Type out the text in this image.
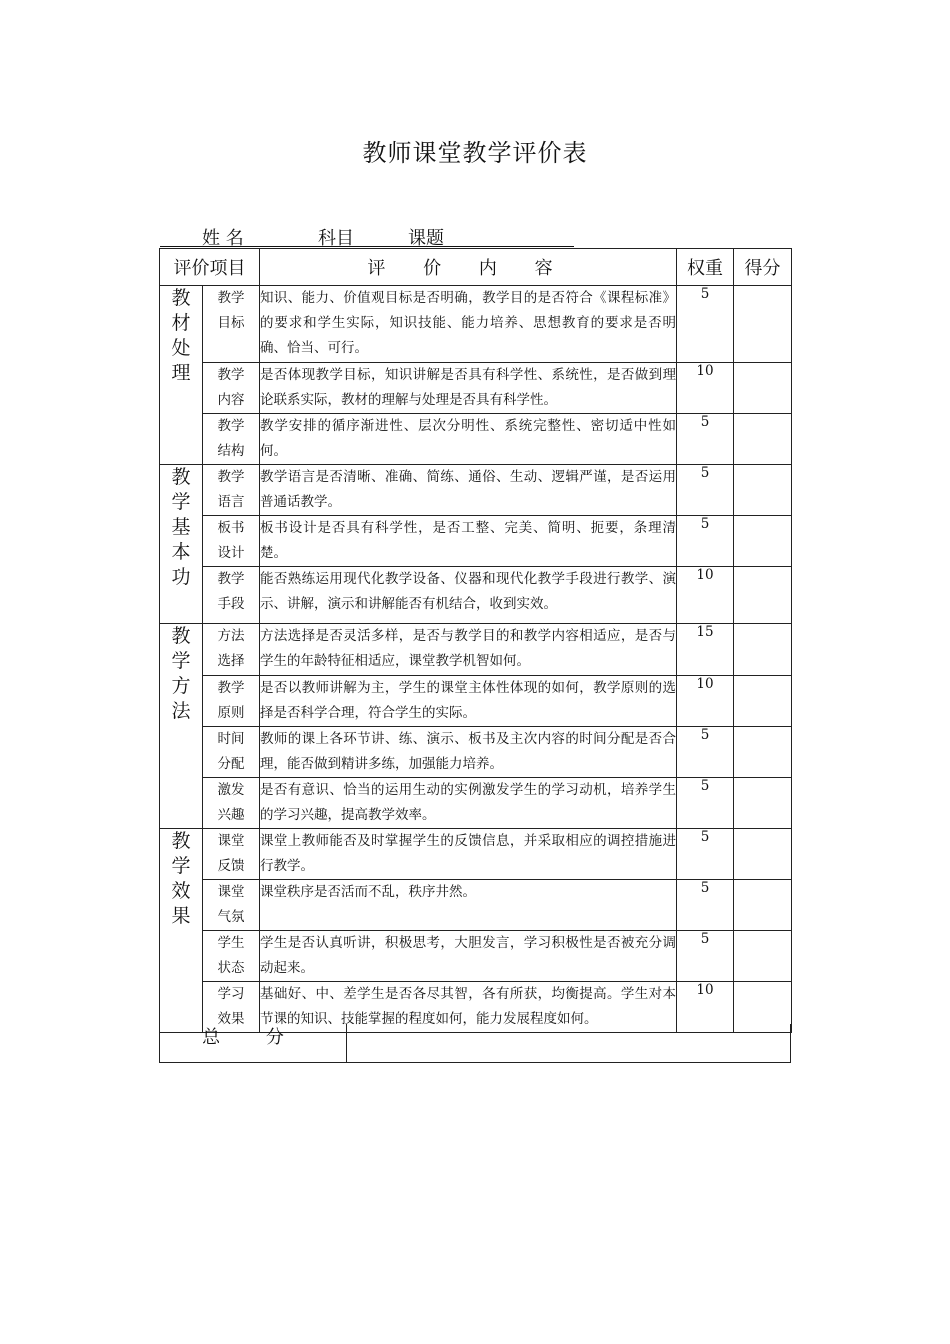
教师课堂教学评价表
姓 名	科目	课题
评价项目		评 价 内 容	权重	得分
教材处理	教学目标	知识、能力、价值观目标是否明确，教学目的是否符合《课程标准》的要求和学生实际，知识技能、能力培养、思想教育的要求是否明确、恰当、可行。	5	
	教学内容	是否体现教学目标，知识讲解是否具有科学性、系统性，是否做到理论联系实际，教材的理解与处理是否具有科学性。	10	
	教学结构	教学安排的循序渐进性、层次分明性、系统完整性、密切适中性如何。	5	
教学基本功	教学语言	教学语言是否清晰、准确、简练、通俗、生动、逻辑严谨，是否运用普通话教学。	5	
	板书设计	板书设计是否具有科学性，是否工整、完美、简明、扼要，条理清楚。	5	
	教学手段	能否熟练运用现代化教学设备、仪器和现代化教学手段进行教学、演示、讲解，演示和讲解能否有机结合，收到实效。	10	
教学方法	方法选择	方法选择是否灵活多样，是否与教学目的和教学内容相适应，是否与学生的年龄特征相适应，课堂教学机智如何。	15	
	教学原则	是否以教师讲解为主，学生的课堂主体性体现的如何，教学原则的选择是否科学合理，符合学生的实际。	10	
	时间分配	教师的课上各环节讲、练、演示、板书及主次内容的时间分配是否合理，能否做到精讲多练，加强能力培养。	5	
	激发兴趣	是否有意识、恰当的运用生动的实例激发学生的学习动机，培养学生的学习兴趣，提高教学效率。	5	
教学效果	课堂反馈	课堂上教师能否及时掌握学生的反馈信息，并采取相应的调控措施进行教学。	5	
	课堂气氛	课堂秩序是否活而不乱，秩序井然。	5	
	学生状态	学生是否认真听讲，积极思考，大胆发言，学习积极性是否被充分调动起来。	5	
	学习效果	基础好、中、差学生是否各尽其智，各有所获，均衡提高。学生对本节课的知识、技能掌握的程度如何，能力发展程度如何。	10	
总 分
